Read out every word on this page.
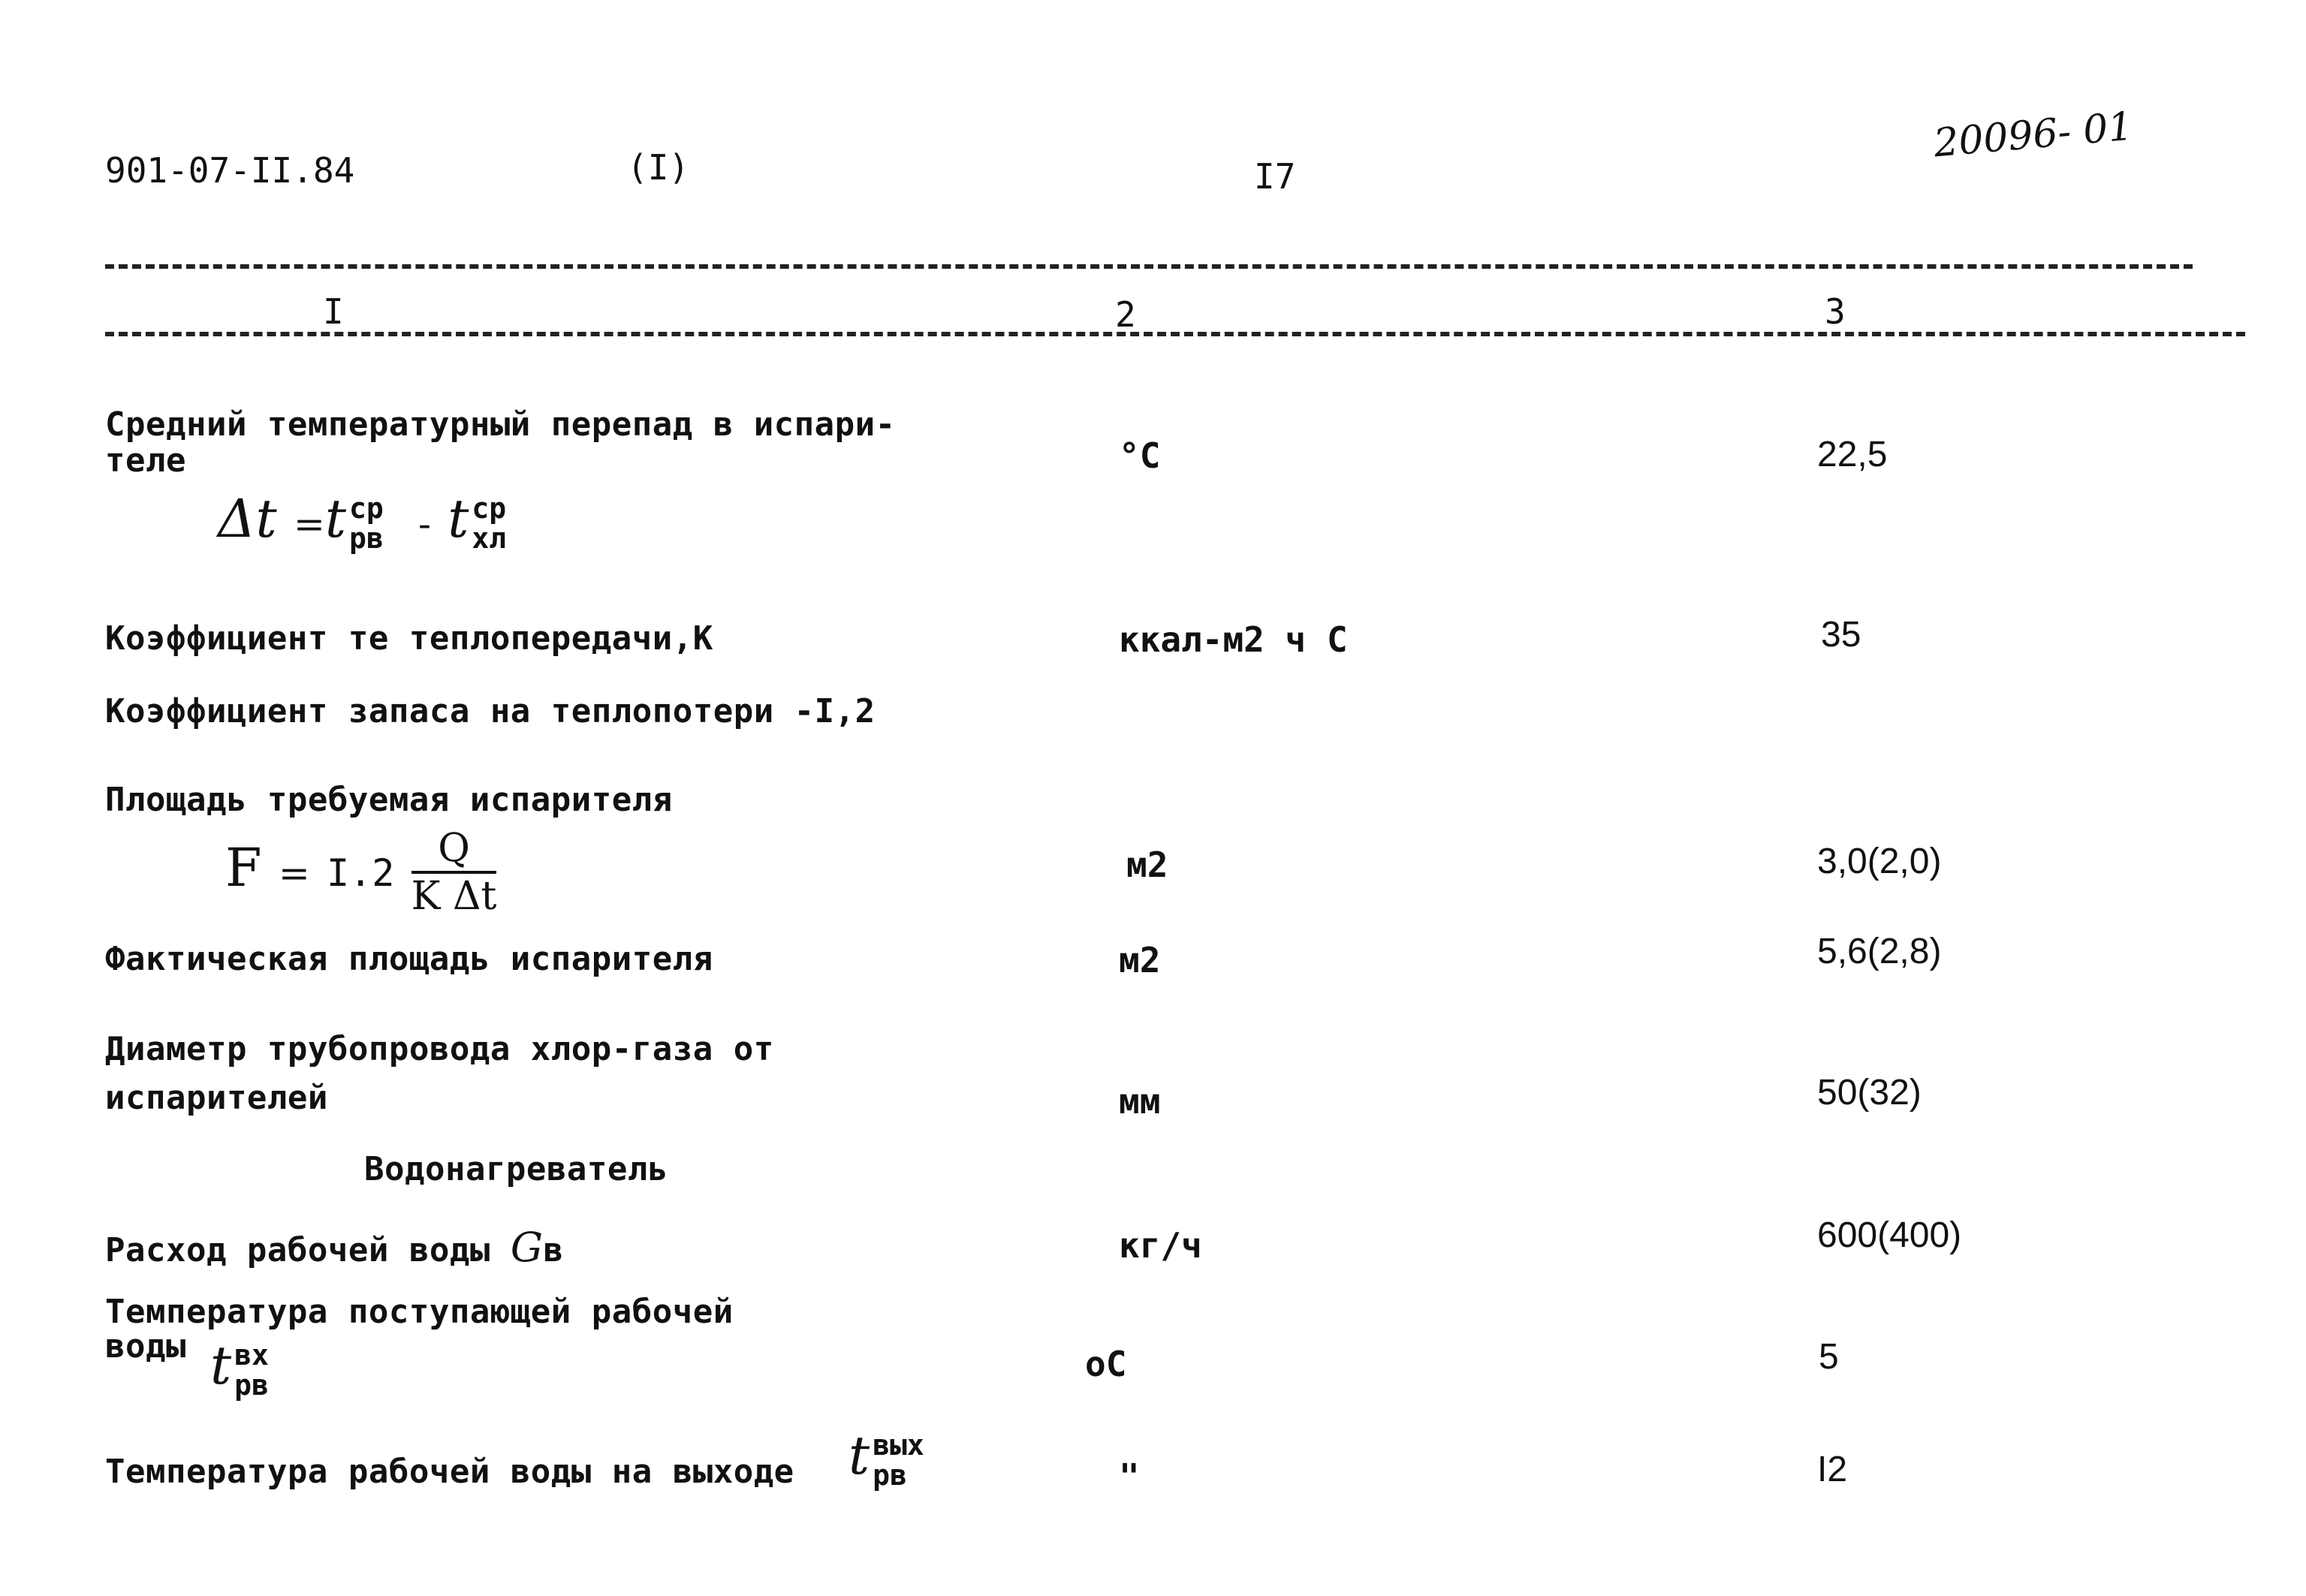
901-07-II.84	(I)	I7
20096- 01
I	2	3
Средний температурный перепад в испари-
теле	°C	22,5
Δt =t ср
рв - t ср
хл
Коэффициент те теплопередачи,К	ккал-м2 ч С	35
Коэффициент запаса на теплопотери -I,2
Площадь требуемая испарителя
$F = I.2 \frac{Q}{\text{K Δt}}$	м2	3,0(2,0)
Фактическая площадь испарителя	м2	5,6(2,8)
Диаметр трубопровода хлор-газа от
испарителей	мм	50(32)
Водонагреватель
Расход рабочей воды Gв	кг/ч	600(400)
Температура поступающей рабочей
воды t вх
рв
оС	5
Температура рабочей воды на выходе t вых
рв	"	I2
